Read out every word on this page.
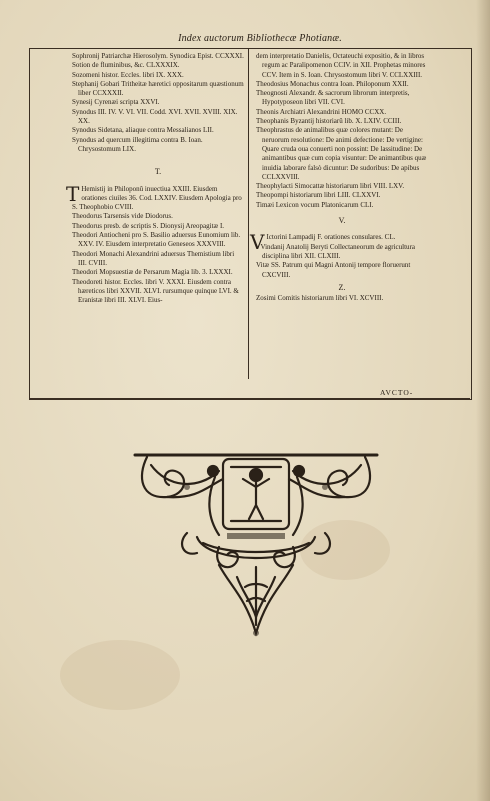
Index auctorum Bibliothecæ Photianæ.

Sophronij Patriarchæ Hierosolym. Synodica Epist. CCXXXI.

Sotion de fluminibus, &c. CLXXXIX.

Sozomeni histor. Eccles. libri IX. XXX.

Stephanij Gobari Tritheitæ hæretici oppositarum quæstionum liber CCXXXII.

Synesij Cyrenæi scripta XXVI.

Synodus III. IV. V. VI. VII. Codd. XVI. XVII. XVIII. XIX. XX.

Synodus Sidetana, aliaque contra Messalianos LII.

Synodus ad quercum illegitima contra B. Ioan. Chrysostomum LIX.

T.

T Hemistij in Philoponũ inuectiua XXIII. Eiusdem orationes ciuiles 36. Cod. LXXIV. Eiusdem Apologia pro S. Theophobio CVIII.

Theodorus Tarsensis vide Diodorus.

Theodorus presb. de scriptis S. Dionysij Areopagitæ I.

Theodori Antiocheni pro S. Basilio aduersus Eunomium lib. XXV. IV. Eiusdem interpretatio Geneseos XXXVIII.

Theodori Monachi Alexandrini aduersus Themistium libri III. CVIII.

Theodori Mopsuestiæ de Persarum Magia lib. 3. LXXXI.

Theodoreti histor. Eccles. libri V. XXXI. Eiusdem contra hæreticos libri XXVII. XLVI. rursumque quinque LVI. & Eranistæ libri III. XLVI. Eius-

dem interpretatio Danielis, Octateuchi expositio, & in libros regum ac Paralipomenon CCIV. in XII. Prophetas minores CCV. Item in S. Ioan. Chrysostomum libri V. CCLXXIII.

Theodosius Monachus contra Ioan. Philoponum XXII.

Theognosti Alexandr. & sacrorum librorum interpretis, Hypotyposeon libri VII. CVI.

Theonis Archiatri Alexandrini HOMO CCXX.

Theophanis Byzantij historiarũ lib. X. LXIV. CCIII.

Theophrastus de animalibus quæ colores mutant: De neruorum resolutione: De animi defectione: De vertigine: Quare cruda oua conuerti non possint: De lassitudine: De animantibus quæ cum copia visuntur: De animantibus quæ inuidia laborare falsò dicuntur: De sudoribus: De apibus CCLXXVIII.

Theophylacti Simocattæ historiarum libri VIII. LXV.

Theopompi historiarum libri LIII. CLXXVI.

Timæi Lexicon vocum Platonicarum CLI.

V.

V Ictorini Lampadij F. orationes consulares. CL.

Vindanij Anatolij Beryti Collectaneorum de agricultura disciplina libri XII. CLXIII.

Vitæ SS. Patrum qui Magni Antonij tempore floruerunt CXCVIII.

Z.

Zosimi Comitis historiarum libri VI. XCVIII.

AVCTO-
